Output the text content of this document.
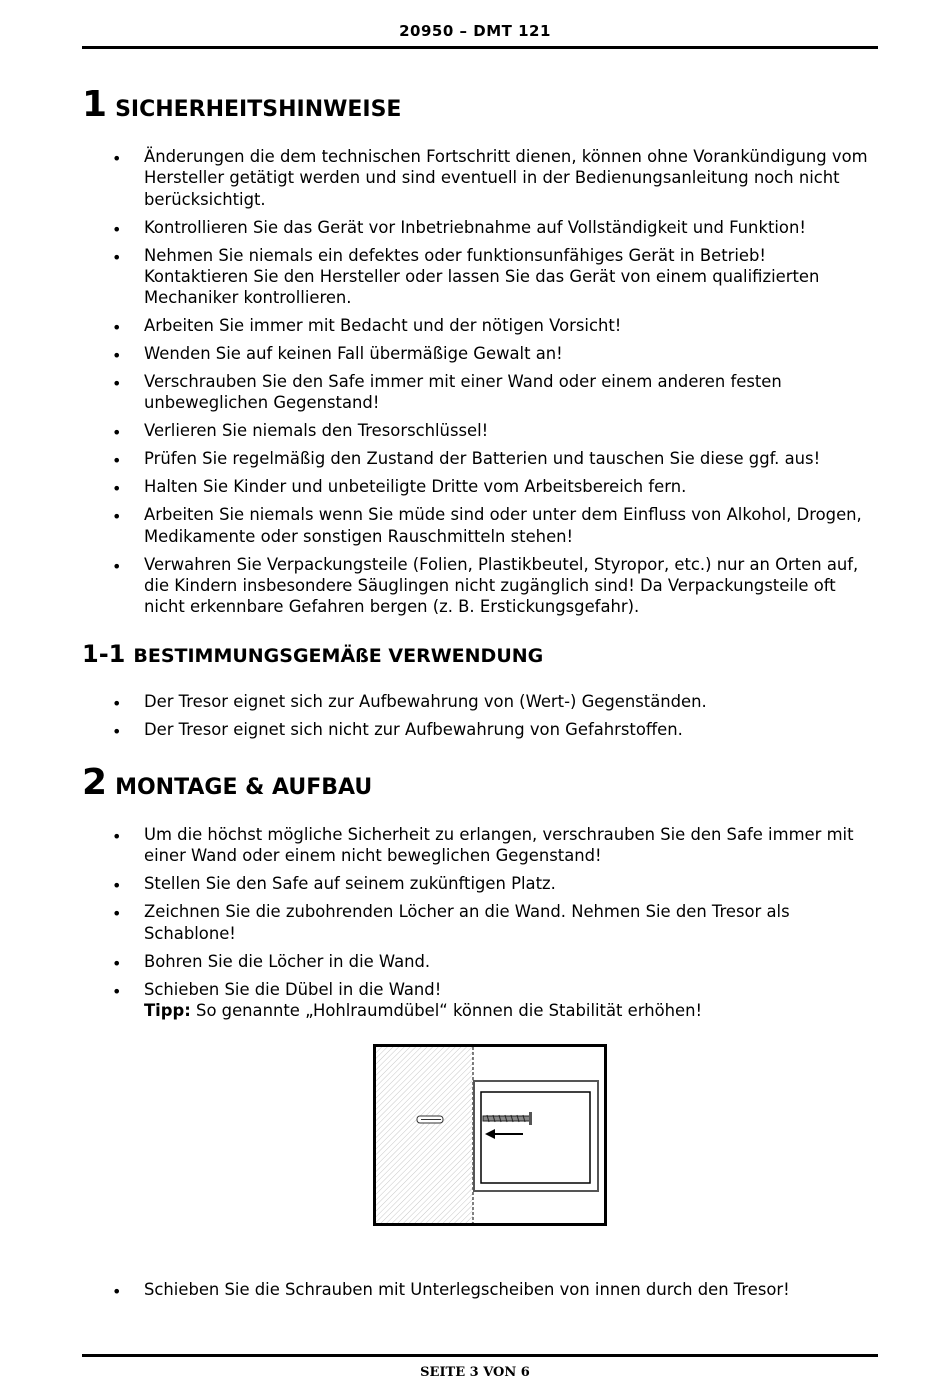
20950 – DMT 121
1 SICHERHEITSHINWEISE
• Änderungen die dem technischen Fortschritt dienen, können ohne Vorankündigung vom Hersteller getätigt werden und sind eventuell in der Bedienungsanleitung noch nicht berücksichtigt.
• Kontrollieren Sie das Gerät vor Inbetriebnahme auf Vollständigkeit und Funktion!
• Nehmen Sie niemals ein defektes oder funktionsunfähiges Gerät in Betrieb! Kontaktieren Sie den Hersteller oder lassen Sie das Gerät von einem qualifizierten Mechaniker kontrollieren.
• Arbeiten Sie immer mit Bedacht und der nötigen Vorsicht!
• Wenden Sie auf keinen Fall übermäßige Gewalt an!
• Verschrauben Sie den Safe immer mit einer Wand oder einem anderen festen unbeweglichen Gegenstand!
• Verlieren Sie niemals den Tresorschlüssel!
• Prüfen Sie regelmäßig den Zustand der Batterien und tauschen Sie diese ggf. aus!
• Halten Sie Kinder und unbeteiligte Dritte vom Arbeitsbereich fern.
• Arbeiten Sie niemals wenn Sie müde sind oder unter dem Einfluss von Alkohol, Drogen, Medikamente oder sonstigen Rauschmitteln stehen!
• Verwahren Sie Verpackungsteile (Folien, Plastikbeutel, Styropor, etc.) nur an Orten auf, die Kindern insbesondere Säuglingen nicht zugänglich sind! Da Verpackungsteile oft nicht erkennbare Gefahren bergen (z. B. Erstickungsgefahr).
1-1 BESTIMMUNGSGEMÄßE VERWENDUNG
• Der Tresor eignet sich zur Aufbewahrung von (Wert-) Gegenständen.
• Der Tresor eignet sich nicht zur Aufbewahrung von Gefahrstoffen.
2 MONTAGE & AUFBAU
• Um die höchst mögliche Sicherheit zu erlangen, verschrauben Sie den Safe immer mit einer Wand oder einem nicht beweglichen Gegenstand!
• Stellen Sie den Safe auf seinem zukünftigen Platz.
• Zeichnen Sie die zubohrenden Löcher an die Wand. Nehmen Sie den Tresor als Schablone!
• Bohren Sie die Löcher in die Wand.
• Schieben Sie die Dübel in die Wand!
Tipp: So genannte „Hohlraumdübel“ können die Stabilität erhöhen!
• Schieben Sie die Schrauben mit Unterlegscheiben von innen durch den Tresor!
SEITE 3 VON 6
